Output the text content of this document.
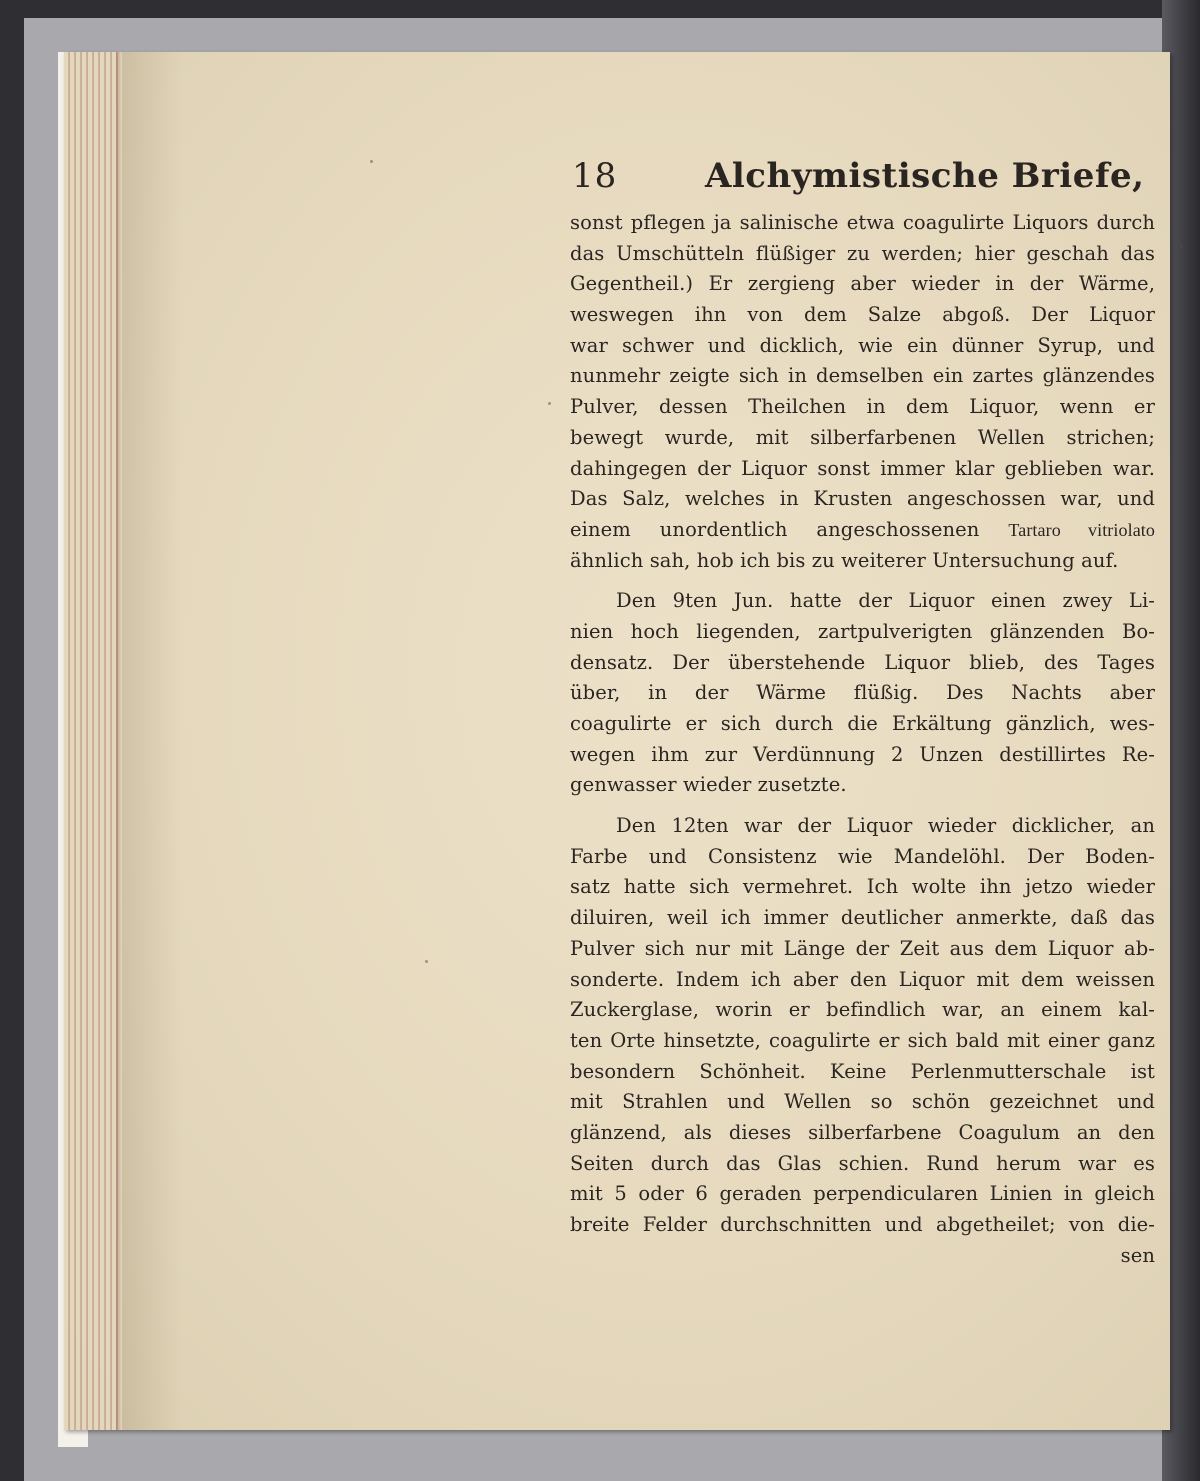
18	Alchymistische Briefe,
sonst pflegen ja salinische etwa coagulirte Liquors durch
das Umschütteln flüßiger zu werden; hier geschah das
Gegentheil.) Er zergieng aber wieder in der Wärme,
weswegen ihn von dem Salze abgoß. Der Liquor
war schwer und dicklich, wie ein dünner Syrup, und
nunmehr zeigte sich in demselben ein zartes glänzendes
Pulver, dessen Theilchen in dem Liquor, wenn er
bewegt wurde, mit silberfarbenen Wellen strichen;
dahingegen der Liquor sonst immer klar geblieben war.
Das Salz, welches in Krusten angeschossen war, und
einem unordentlich angeschossenen Tartaro vitriolato
ähnlich sah, hob ich bis zu weiterer Untersuchung auf.
Den 9ten Jun. hatte der Liquor einen zwey Li-
nien hoch liegenden, zartpulverigten glänzenden Bo-
densatz. Der überstehende Liquor blieb, des Tages
über, in der Wärme flüßig. Des Nachts aber
coagulirte er sich durch die Erkältung gänzlich, wes-
wegen ihm zur Verdünnung 2 Unzen destillirtes Re-
genwasser wieder zusetzte.
Den 12ten war der Liquor wieder dicklicher, an
Farbe und Consistenz wie Mandelöhl. Der Boden-
satz hatte sich vermehret. Ich wolte ihn jetzo wieder
diluiren, weil ich immer deutlicher anmerkte, daß das
Pulver sich nur mit Länge der Zeit aus dem Liquor ab-
sonderte. Indem ich aber den Liquor mit dem weissen
Zuckerglase, worin er befindlich war, an einem kal-
ten Orte hinsetzte, coagulirte er sich bald mit einer ganz
besondern Schönheit. Keine Perlenmutterschale ist
mit Strahlen und Wellen so schön gezeichnet und
glänzend, als dieses silberfarbene Coagulum an den
Seiten durch das Glas schien. Rund herum war es
mit 5 oder 6 geraden perpendicularen Linien in gleich
breite Felder durchschnitten und abgetheilet; von die-
sen
